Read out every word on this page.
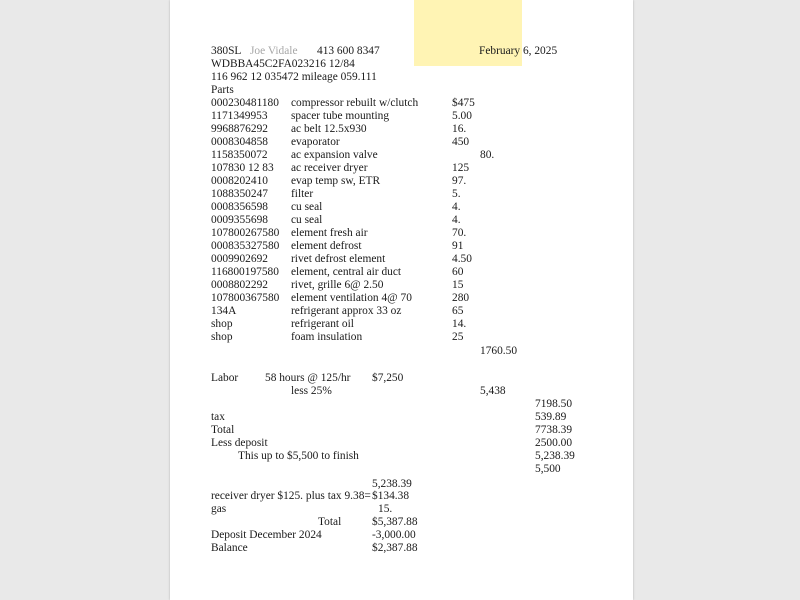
380SL Joe Vidale 413 600 8347	February 6, 2025
WDBBA45C2FA023216 12/84
116 962 12 035472 mileage 059.111
Parts
000230481180 compressor rebuilt w/clutch	$475
1171349953 spacer tube mounting	5.00
9968876292 ac belt 12.5x930	16.
0008304858 evaporator	450
1158350072 ac expansion valve	80.
107830 12 83 ac receiver dryer	125
0008202410 evap temp sw, ETR	97.
1088350247 filter	5.
0008356598 cu seal	4.
0009355698 cu seal	4.
107800267580 element fresh air	70.
000835327580 element defrost	91
0009902692 rivet defrost element	4.50
116800197580 element, central air duct	60
0008802292 rivet, grille 6@ 2.50	15
107800367580 element ventilation 4@ 70	280
134A	refrigerant approx 33 oz	65
shop	refrigerant oil	14.
shop	foam insulation	25
1760.50
Labor 58 hours @ 125/hr $7,250
less 25%	5,438
7198.50
tax	539.89
Total	7738.39
Less deposit	2500.00
This up to $5,500 to finish	5,238.39
5,500
5,238.39
receiver dryer $125. plus tax 9.38= $134.38
gas	15.
Total	$5,387.88
Deposit December 2024	-3,000.00
Balance	$2,387.88
